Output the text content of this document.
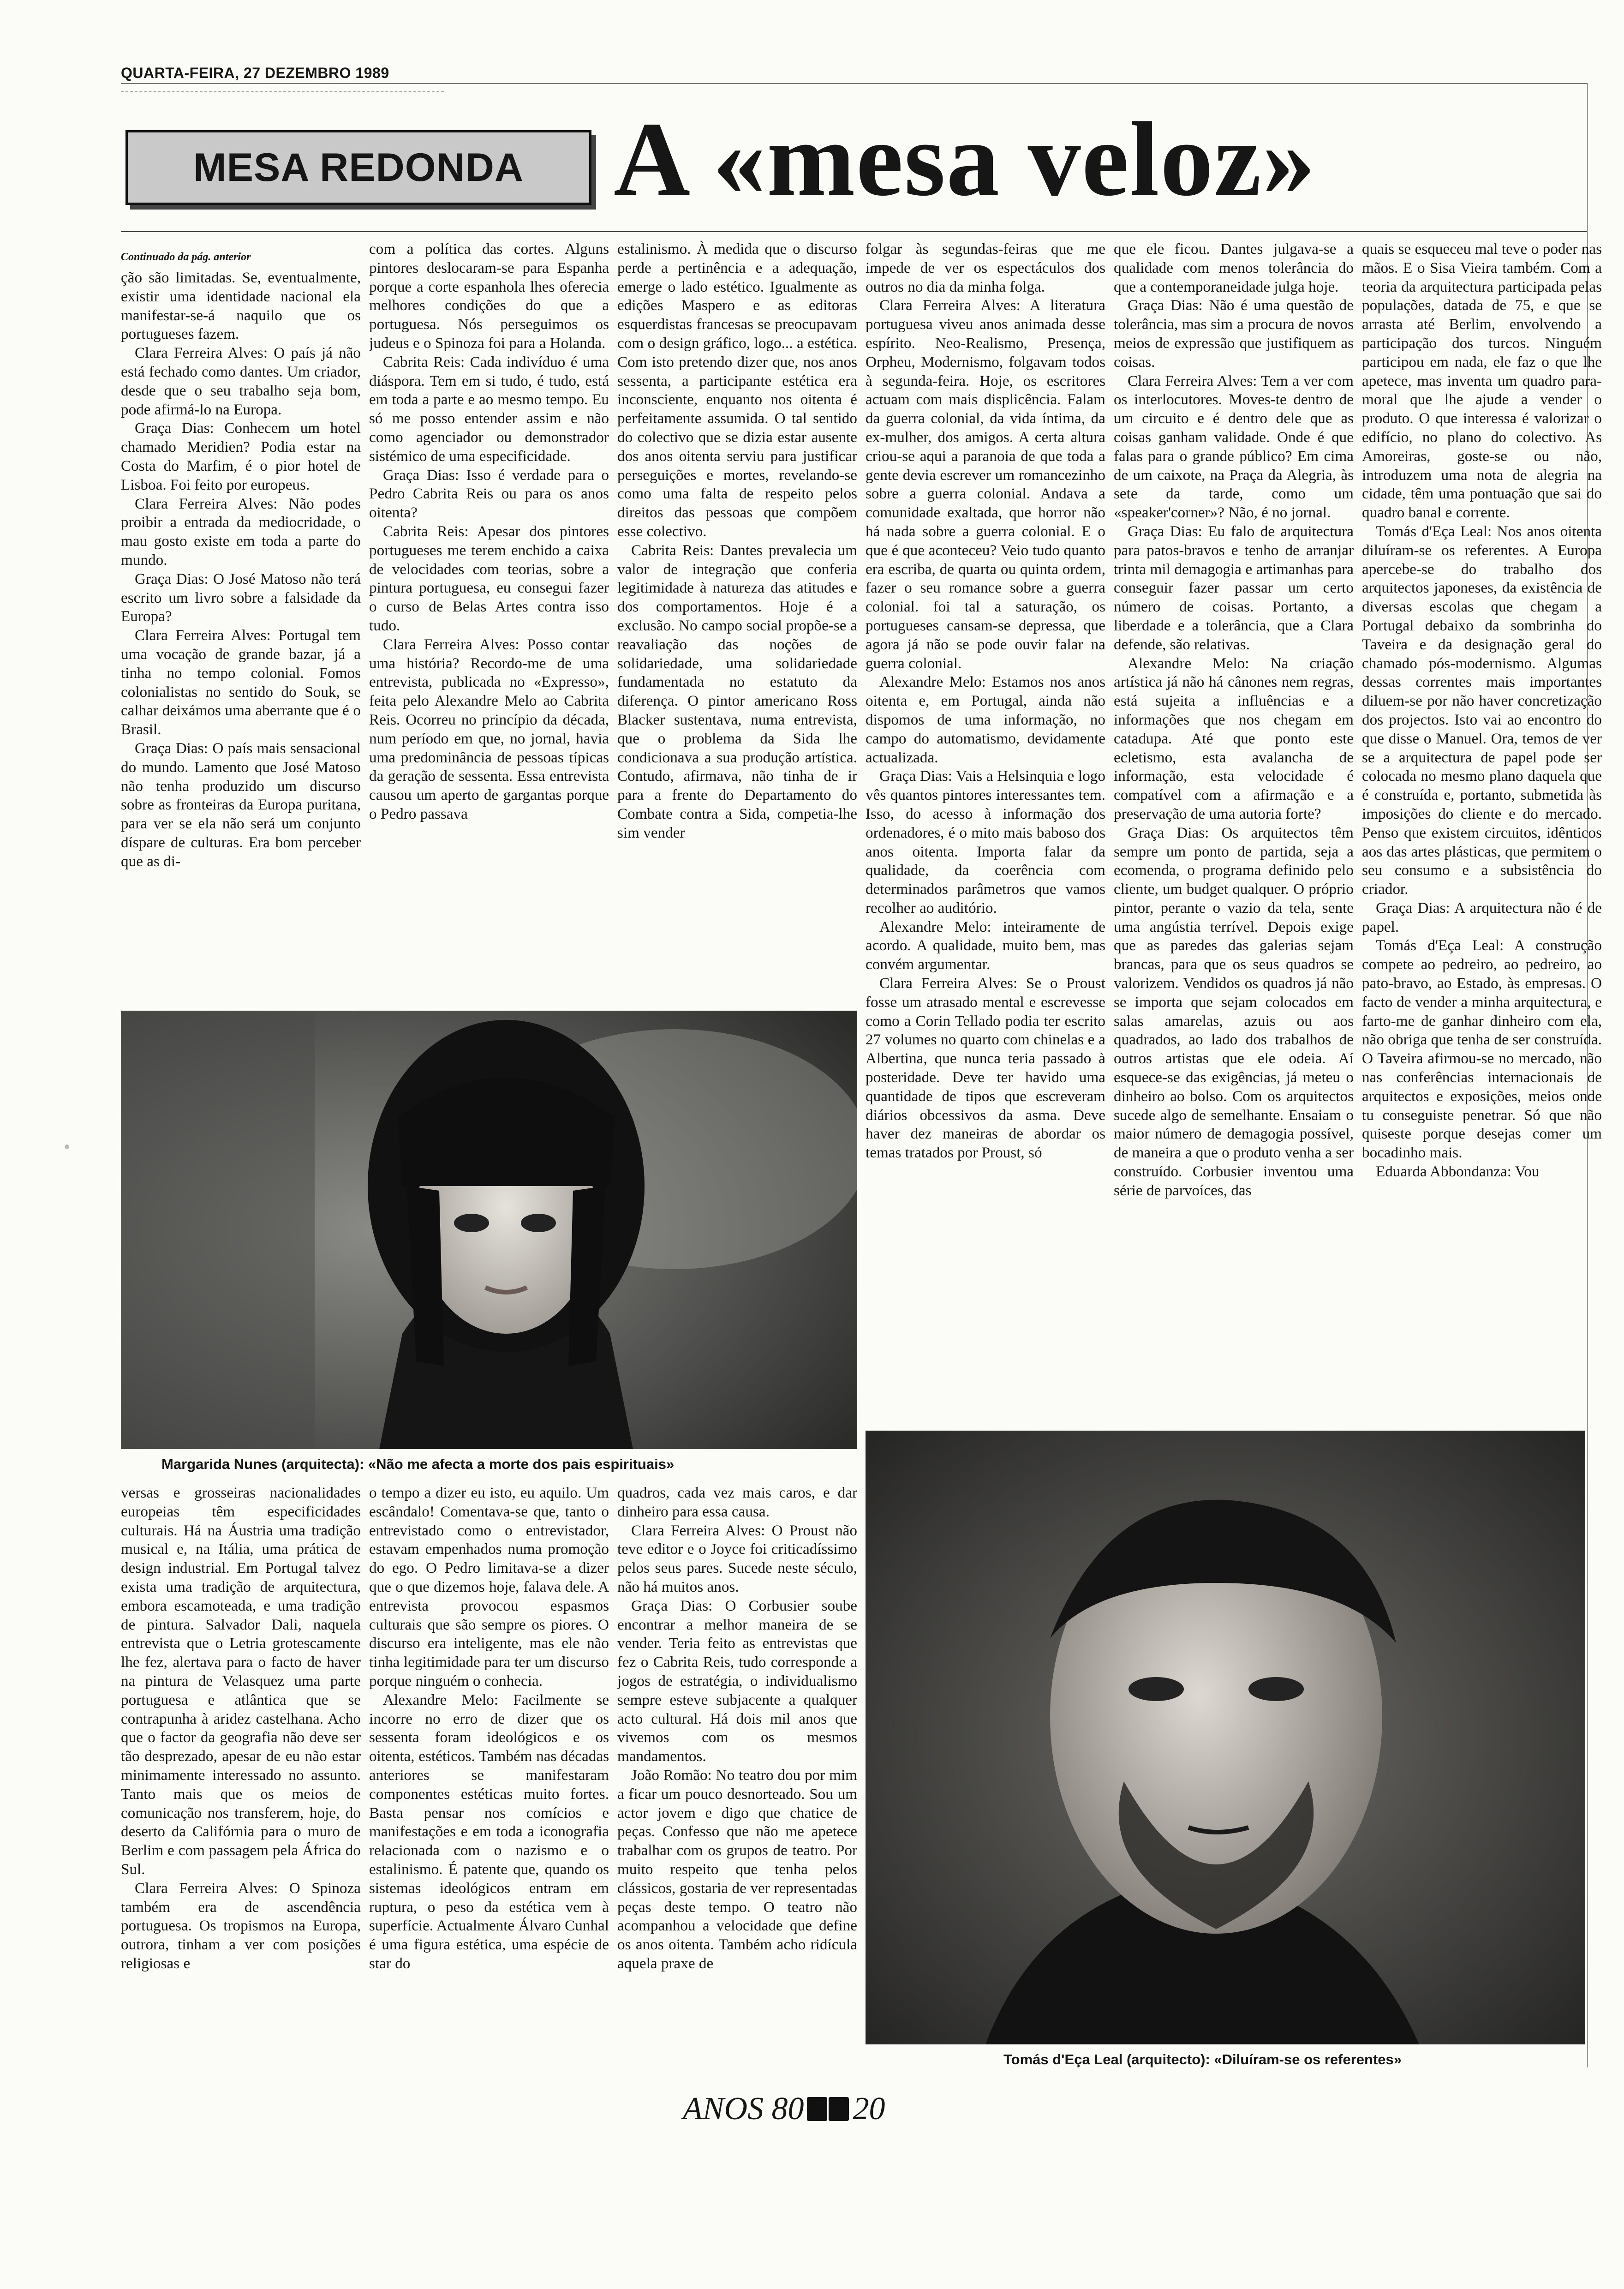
QUARTA-FEIRA, 27 DEZEMBRO 1989
MESA REDONDA A «mesa veloz»
Continuado da pág. anterior

ção são limitadas. Se, eventualmente, existir uma identidade nacional ela manifestar-se-á naquilo que os portugueses fazem.

Clara Ferreira Alves: O país já não está fechado como dantes. Um criador, desde que o seu trabalho seja bom, pode afirmá-lo na Europa.

Graça Dias: Conhecem um hotel chamado Meridien? Podia estar na Costa do Marfim, é o pior hotel de Lisboa. Foi feito por europeus.

Clara Ferreira Alves: Não podes proibir a entrada da mediocridade, o mau gosto existe em toda a parte do mundo.

Graça Dias: O José Matoso não terá escrito um livro sobre a falsidade da Europa?

Clara Ferreira Alves: Portugal tem uma vocação de grande bazar, já a tinha no tempo colonial. Fomos colonialistas no sentido do Souk, se calhar deixámos uma aberrante que é o Brasil.

Graça Dias: O país mais sensacional do mundo. Lamento que José Matoso não tenha produzido um discurso sobre as fronteiras da Europa puritana, para ver se ela não será um conjunto díspare de culturas. Era bom perceber que as di-

com a política das cortes. Alguns pintores deslocaram-se para Espanha porque a corte espanhola lhes oferecia melhores condições do que a portuguesa. Nós perseguimos os judeus e o Spinoza foi para a Holanda.

Cabrita Reis: Cada indivíduo é uma diáspora. Tem em si tudo, é tudo, está em toda a parte e ao mesmo tempo. Eu só me posso entender assim e não como agenciador ou demonstrador sistémico de uma especificidade.

Graça Dias: Isso é verdade para o Pedro Cabrita Reis ou para os anos oitenta?

Cabrita Reis: Apesar dos pintores portugueses me terem enchido a caixa de velocidades com teorias, sobre a pintura portuguesa, eu consegui fazer o curso de Belas Artes contra isso tudo.

Clara Ferreira Alves: Posso contar uma história? Recordo-me de uma entrevista, publicada no «Expresso», feita pelo Alexandre Melo ao Cabrita Reis. Ocorreu no princípio da década, num período em que, no jornal, havia uma predominância de pessoas típicas da geração de sessenta. Essa entrevista causou um aperto de gargantas porque o Pedro passava

estalinismo. À medida que o discurso perde a pertinência e a adequação, emerge o lado estético. Igualmente as edições Maspero e as editoras esquerdistas francesas se preocupavam com o design gráfico, logo... a estética. Com isto pretendo dizer que, nos anos sessenta, a participante estética era inconsciente, enquanto nos oitenta é perfeitamente assumida. O tal sentido do colectivo que se dizia estar ausente dos anos oitenta serviu para justificar perseguições e mortes, revelando-se como uma falta de respeito pelos direitos das pessoas que compõem esse colectivo.

Cabrita Reis: Dantes prevalecia um valor de integração que conferia legitimidade à natureza das atitudes e dos comportamentos. Hoje é a exclusão. No campo social propõe-se a reavaliação das noções de solidariedade, uma solidariedade fundamentada no estatuto da diferença. O pintor americano Ross Blacker sustentava, numa entrevista, que o problema da Sida lhe condicionava a sua produção artística. Contudo, afirmava, não tinha de ir para a frente do Departamento do Combate contra a Sida, competia-lhe sim vender

folgar às segundas-feiras que me impede de ver os espectáculos dos outros no dia da minha folga.

Clara Ferreira Alves: A literatura portuguesa viveu anos animada desse espírito. Neo-Realismo, Presença, Orpheu, Modernismo, folgavam todos à segunda-feira. Hoje, os escritores actuam com mais displicência. Falam da guerra colonial, da vida íntima, da ex-mulher, dos amigos. A certa altura criou-se aqui a paranoia de que toda a gente devia escrever um romancezinho sobre a guerra colonial. Andava a comunidade exaltada, que horror não há nada sobre a guerra colonial. E o que é que aconteceu? Veio tudo quanto era escriba, de quarta ou quinta ordem, fazer o seu romance sobre a guerra colonial. foi tal a saturação, os portugueses cansam-se depressa, que agora já não se pode ouvir falar na guerra colonial.

Alexandre Melo: Estamos nos anos oitenta e, em Portugal, ainda não dispomos de uma informação, no campo do automatismo, devidamente actualizada.

Graça Dias: Vais a Helsinquia e logo vês quantos pintores interessantes tem. Isso, do acesso à informação dos ordenadores, é o mito mais baboso dos anos oitenta. Importa falar da qualidade, da coerência com determinados parâmetros que vamos recolher ao auditório.

Alexandre Melo: inteiramente de acordo. A qualidade, muito bem, mas convém argumentar.

Clara Ferreira Alves: Se o Proust fosse um atrasado mental e escrevesse como a Corin Tellado podia ter escrito 27 volumes no quarto com chinelas e a Albertina, que nunca teria passado à posteridade. Deve ter havido uma quantidade de tipos que escreveram diários obcessivos da asma. Deve haver dez maneiras de abordar os temas tratados por Proust, só

que ele ficou. Dantes julgava-se a qualidade com menos tolerância do que a contemporaneidade julga hoje.

Graça Dias: Não é uma questão de tolerância, mas sim a procura de novos meios de expressão que justifiquem as coisas.

Clara Ferreira Alves: Tem a ver com os interlocutores. Moves-te dentro de um circuito e é dentro dele que as coisas ganham validade. Onde é que falas para o grande público? Em cima de um caixote, na Praça da Alegria, às sete da tarde, como um «speaker'corner»? Não, é no jornal.

Graça Dias: Eu falo de arquitectura para patos-bravos e tenho de arranjar trinta mil demagogia e artimanhas para conseguir fazer passar um certo número de coisas. Portanto, a liberdade e a tolerância, que a Clara defende, são relativas.

Alexandre Melo: Na criação artística já não há cânones nem regras, está sujeita a influências e a informações que nos chegam em catadupa. Até que ponto este ecletismo, esta avalancha de informação, esta velocidade é compatível com a afirmação e a preservação de uma autoria forte?

Graça Dias: Os arquitectos têm sempre um ponto de partida, seja a ecomenda, o programa definido pelo cliente, um budget qualquer. O próprio pintor, perante o vazio da tela, sente uma angústia terrível. Depois exige que as paredes das galerias sejam brancas, para que os seus quadros se valorizem. Vendidos os quadros já não se importa que sejam colocados em salas amarelas, azuis ou aos quadrados, ao lado dos trabalhos de outros artistas que ele odeia. Aí esquece-se das exigências, já meteu o dinheiro ao bolso. Com os arquitectos sucede algo de semelhante. Ensaiam o maior número de demagogia possível, de maneira a que o produto venha a ser construído. Corbusier inventou uma série de parvoíces, das

quais se esqueceu mal teve o poder nas mãos. E o Sisa Vieira também. Com a teoria da arquitectura participada pelas populações, datada de 75, e que se arrasta até Berlim, envolvendo a participação dos turcos. Ninguém participou em nada, ele faz o que lhe apetece, mas inventa um quadro para-moral que lhe ajude a vender o produto. O que interessa é valorizar o edifício, no plano do colectivo. As Amoreiras, goste-se ou não, introduzem uma nota de alegria na cidade, têm uma pontuação que sai do quadro banal e corrente.

Tomás d'Eça Leal: Nos anos oitenta diluíram-se os referentes. A Europa apercebe-se do trabalho dos arquitectos japoneses, da existência de diversas escolas que chegam a Portugal debaixo da sombrinha do Taveira e da designação geral do chamado pós-modernismo. Algumas dessas correntes mais importantes diluem-se por não haver concretização dos projectos. Isto vai ao encontro do que disse o Manuel. Ora, temos de ver se a arquitectura de papel pode ser colocada no mesmo plano daquela que é construída e, portanto, submetida às imposições do cliente e do mercado. Penso que existem circuitos, idênticos aos das artes plásticas, que permitem o seu consumo e a subsistência do criador.

Graça Dias: A arquitectura não é de papel.

Tomás d'Eça Leal: A construção compete ao pedreiro, ao pedreiro, ao pato-bravo, ao Estado, às empresas. O facto de vender a minha arquitectura, e farto-me de ganhar dinheiro com ela, não obriga que tenha de ser construída. O Taveira afirmou-se no mercado, não nas conferências internacionais de arquitectos e exposições, meios onde tu conseguiste penetrar. Só que não quiseste porque desejas comer um bocadinho mais.

Eduarda Abbondanza: Vou

Margarida Nunes (arquitecta): «Não me afecta a morte dos pais espirituais»
Tomás d'Eça Leal (arquitecto): «Diluíram-se os referentes»

versas e grosseiras nacionalidades europeias têm especificidades culturais. Há na Áustria uma tradição musical e, na Itália, uma prática de design industrial. Em Portugal talvez exista uma tradição de arquitectura, embora escamoteada, e uma tradição de pintura. Salvador Dali, naquela entrevista que o Letria grotescamente lhe fez, alertava para o facto de haver na pintura de Velasquez uma parte portuguesa e atlântica que se contrapunha à aridez castelhana. Acho que o factor da geografia não deve ser tão desprezado, apesar de eu não estar minimamente interessado no assunto. Tanto mais que os meios de comunicação nos transferem, hoje, do deserto da Califórnia para o muro de Berlim e com passagem pela África do Sul.

Clara Ferreira Alves: O Spinoza também era de ascendência portuguesa. Os tropismos na Europa, outrora, tinham a ver com posições religiosas e

o tempo a dizer eu isto, eu aquilo. Um escândalo! Comentava-se que, tanto o entrevistado como o entrevistador, estavam empenhados numa promoção do ego. O Pedro limitava-se a dizer que o que dizemos hoje, falava dele. A entrevista provocou espasmos culturais que são sempre os piores. O discurso era inteligente, mas ele não tinha legitimidade para ter um discurso porque ninguém o conhecia.

Alexandre Melo: Facilmente se incorre no erro de dizer que os sessenta foram ideológicos e os oitenta, estéticos. Também nas décadas anteriores se manifestaram componentes estéticas muito fortes. Basta pensar nos comícios e manifestações e em toda a iconografia relacionada com o nazismo e o estalinismo. É patente que, quando os sistemas ideológicos entram em ruptura, o peso da estética vem à superfície. Actualmente Álvaro Cunhal é uma figura estética, uma espécie de star do

quadros, cada vez mais caros, e dar dinheiro para essa causa.

Clara Ferreira Alves: O Proust não teve editor e o Joyce foi criticadíssimo pelos seus pares. Sucede neste século, não há muitos anos.

Graça Dias: O Corbusier soube encontrar a melhor maneira de se vender. Teria feito as entrevistas que fez o Cabrita Reis, tudo corresponde a jogos de estratégia, o individualismo sempre esteve subjacente a qualquer acto cultural. Há dois mil anos que vivemos com os mesmos mandamentos.

João Romão: No teatro dou por mim a ficar um pouco desnorteado. Sou um actor jovem e digo que chatice de peças. Confesso que não me apetece trabalhar com os grupos de teatro. Por muito respeito que tenha pelos clássicos, gostaria de ver representadas peças deste tempo. O teatro não acompanhou a velocidade que definе os anos oitenta. Também acho ridícula aquela praxe de

ANOS 80 20
